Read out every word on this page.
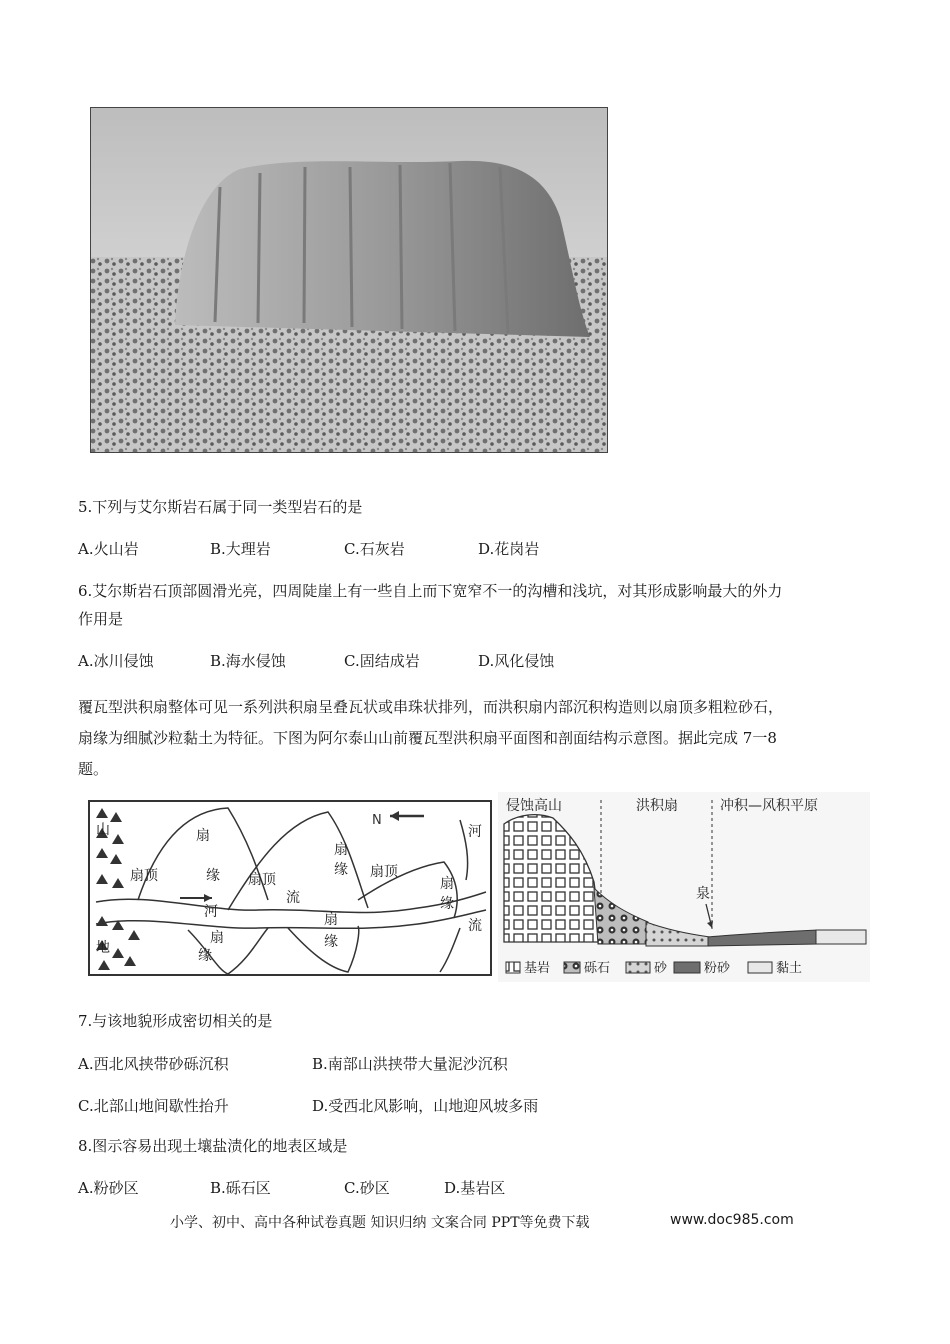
5.下列与艾尔斯岩石属于同一类型岩石的是
A.火山岩	B.大理岩	C.石灰岩	D.花岗岩
6.艾尔斯岩石顶部圆滑光亮，四周陡崖上有一些自上而下宽窄不一的沟槽和浅坑，对其形成影响最大的外力
作用是
A.冰川侵蚀	B.海水侵蚀	C.固结成岩	D.风化侵蚀
覆瓦型洪积扇整体可见一系列洪积扇呈叠瓦状或串珠状排列，而洪积扇内部沉积构造则以扇顶多粗粒砂石，
扇缘为细腻沙粒黏土为特征。下图为阿尔泰山山前覆瓦型洪积扇平面图和剖面结构示意图。据此完成 7一8
题。
N
山
地
扇顶	扇顶	扇顶
扇
缘
扇
缘
扇
缘
扇
缘
扇
缘
河
流
河
流
侵蚀高山	洪积扇	冲积—风积平原
泉
基岩	砾石	砂	粉砂	黏土
7.与该地貌形成密切相关的是
A.西北风挟带砂砾沉积	B.南部山洪挟带大量泥沙沉积
C.北部山地间歇性抬升	D.受西北风影响，山地迎风坡多雨
8.图示容易出现土壤盐渍化的地表区域是
A.粉砂区	B.砾石区	C.砂区	D.基岩区
小学、初中、高中各种试卷真题 知识归纳 文案合同 PPT等免费下载	www.doc985.com
